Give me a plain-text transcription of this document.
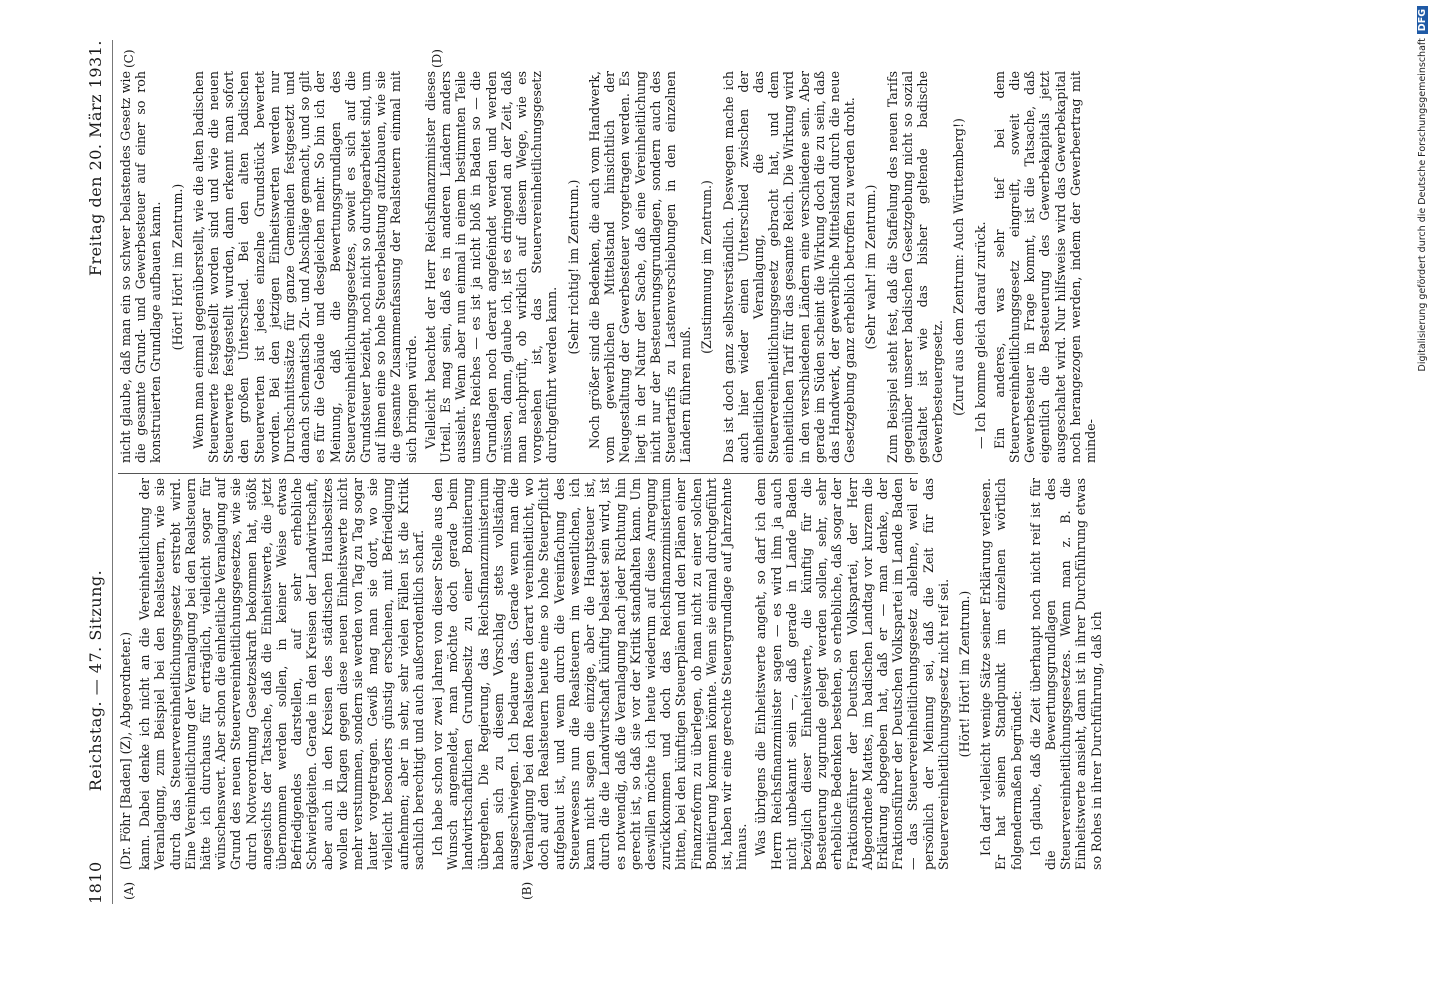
1810
Reichstag. — 47. Sitzung.
Freitag den 20. März 1931.
(A)	(B)
(C)	(D)

(Dr. Föhr [Baden] (Z), Abgeordneter.) kann. Dabei denke ich nicht an die Vereinheitlichung der Veranlagung, zum Beispiel bei den Realsteuern, wie sie durch das Steuervereinheitlichungsgesetz erstrebt wird. Eine Vereinheitlichung der Veranlagung bei den Realsteuern hätte ich durchaus für erträglich, vielleicht sogar für wünschenswert. Aber schon die einheitliche Veranlagung auf Grund des neuen Steuervereinheitlichungsgesetzes, wie sie durch Notverordnung Gesetzeskraft bekommen hat, stößt angesichts der Tatsache, daß die Einheitswerte, die jetzt übernommen werden sollen, in keiner Weise etwas Befriedigendes darstellen, auf sehr erhebliche Schwierigkeiten. Gerade in den Kreisen der Landwirtschaft, aber auch in den Kreisen des städtischen Hausbesitzes wollen die Klagen gegen diese neuen Einheitswerte nicht mehr verstummen, sondern sie werden von Tag zu Tag sogar lauter vorgetragen. Gewiß mag man sie dort, wo sie vielleicht besonders günstig erscheinen, mit Befriedigung aufnehmen; aber in sehr, sehr vielen Fällen ist die Kritik sachlich berechtigt und auch außerordentlich scharf. Ich habe schon vor zwei Jahren von dieser Stelle aus den Wunsch angemeldet, man möchte doch gerade beim landwirtschaftlichen Grundbesitz zu einer Bonitierung übergehen. Die Regierung, das Reichsfinanzministerium haben sich zu diesem Vorschlag stets vollständig ausgeschwiegen. Ich bedaure das. Gerade wenn man die Veranlagung bei den Realsteuern derart vereinheitlicht, wo doch auf den Realsteuern heute eine so hohe Steuerpflicht aufgebaut ist, und wenn durch die Vereinfachung des Steuerwesens nun die Realsteuern im wesentlichen, ich kann nicht sagen die einzige, aber die Hauptsteuer ist, durch die die Landwirtschaft künftig belastet sein wird, ist es notwendig, daß die Veranlagung nach jeder Richtung hin gerecht ist, so daß sie vor der Kritik standhalten kann. Um deswillen möchte ich heute wiederum auf diese Anregung zurückkommen und doch das Reichsfinanzministerium bitten, bei den künftigen Steuerplänen und den Plänen einer Finanzreform zu überlegen, ob man nicht zu einer solchen Bonitierung kommen könnte. Wenn sie einmal durchgeführt ist, haben wir eine gerechte Steuergrundlage auf Jahrzehnte hinaus. Was übrigens die Einheitswerte angeht, so darf ich dem Herrn Reichsfinanzminister sagen — es wird ihm ja auch nicht unbekannt sein —, daß gerade in Lande Baden bezüglich dieser Einheitswerte, die künftig für die Besteuerung zugrunde gelegt werden sollen, sehr, sehr erhebliche Bedenken bestehen, so erhebliche, daß sogar der Fraktionsführer der Deutschen Volkspartei, der Herr Abgeordnete Mattes, im badischen Landtag vor kurzem die Erklärung abgegeben hat, daß er — man denke, der Fraktionsführer der Deutschen Volkspartei im Lande Baden — das Steuervereinheitlichungsgesetz ablehne, weil er persönlich der Meinung sei, daß die Zeit für das Steuervereinheitlichungsgesetz nicht reif sei. (Hört! Hört! im Zentrum.) Ich darf vielleicht wenige Sätze seiner Erklärung verlesen. Er hat seinen Standpunkt im einzelnen wörtlich folgendermaßen begründet: Ich glaube, daß die Zeit überhaupt noch nicht reif ist für die Bewertungsgrundlagen des Steuervereinheitlichungsgesetzes. Wenn man z. B. die Einheitswerte ansieht, dann ist in ihrer Durchführung etwas so Rohes in ihrer Durchführung, daß ich

nicht glaube, daß man ein so schwer belastendes Gesetz wie die gesamte Grund- und Gewerbesteuer auf einer so roh konstruierten Grundlage aufbauen kann. (Hört! Hört! im Zentrum.) Wenn man einmal gegenüberstellt, wie die alten badischen Steuerwerte festgestellt worden sind und wie die neuen Steuerwerte festgestellt wurden, dann erkennt man sofort den großen Unterschied. Bei den alten badischen Steuerwerten ist jedes einzelne Grundstück bewertet worden. Bei den jetzigen Einheitswerten werden nur Durchschnittssätze für ganze Gemeinden festgesetzt und danach schematisch Zu- und Abschläge gemacht, und so gilt es für die Gebäude und desgleichen mehr. So bin ich der Meinung, daß die Bewertungsgrundlagen des Steuervereinheitlichungsgesetzes, soweit es sich auf die Grundsteuer bezieht, noch nicht so durchgearbeitet sind, um auf ihnen eine so hohe Steuerbelastung aufzubauen, wie sie die gesamte Zusammenfassung der Realsteuern einmal mit sich bringen würde. Vielleicht beachtet der Herr Reichsfinanzminister dieses Urteil. Es mag sein, daß es in anderen Ländern anders aussieht. Wenn aber nun einmal in einem bestimmten Teile unseres Reiches — es ist ja nicht bloß in Baden so — die Grundlagen noch derart angefeindet werden und werden müssen, dann, glaube ich, ist es dringend an der Zeit, daß man nachprüft, ob wirklich auf diesem Wege, wie es vorgesehen ist, das Steuervereinheitlichungsgesetz durchgeführt werden kann.

(Sehr richtig! im Zentrum.) Noch größer sind die Bedenken, die auch vom Handwerk, vom gewerblichen Mittelstand hinsichtlich der Neugestaltung der Gewerbesteuer vorgetragen werden. Es liegt in der Natur der Sache, daß eine Vereinheitlichung nicht nur der Besteuerungsgrundlagen, sondern auch des Steuertarifs zu Lastenverschiebungen in den einzelnen Ländern führen muß.

(Zustimmung im Zentrum.) Das ist doch ganz selbstverständlich. Deswegen mache ich auch hier wieder einen Unterschied zwischen der einheitlichen Veranlagung, die das Steuervereinheitlichungsgesetz gebracht hat, und dem einheitlichen Tarif für das gesamte Reich. Die Wirkung wird in den verschiedenen Ländern eine verschiedene sein. Aber gerade im Süden scheint die Wirkung doch die zu sein, daß das Handwerk, der gewerbliche Mittelstand durch die neue Gesetzgebung ganz erheblich betroffen zu werden droht. (Sehr wahr! im Zentrum.) Zum Beispiel steht fest, daß die Staffelung des neuen Tarifs gegenüber unserer badischen Gesetzgebung nicht so sozial gestaltet ist wie das bisher geltende badische Gewerbesteuergesetz. (Zuruf aus dem Zentrum: Auch Württemberg!) — Ich komme gleich darauf zurück. Ein anderes, was sehr tief bei dem Steuervereinheitlichungsgesetz eingreift, soweit die Gewerbesteuer in Frage kommt, ist die Tatsache, daß eigentlich die Besteuerung des Gewerbekapitals jetzt ausgeschaltet wird. Nur hilfsweise wird das Gewerbekapital noch herangezogen werden, indem der Gewerbeertrag mit minde-

Digitalisierung gefördert durch die Deutsche ForschungsgemeinschaftDFG
